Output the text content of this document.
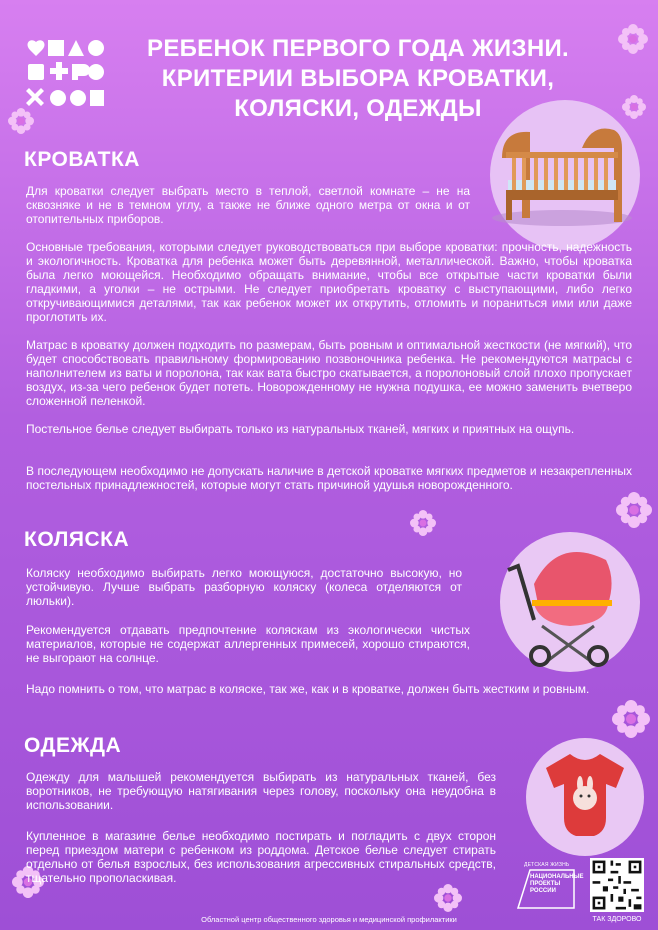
РЕБЕНОК ПЕРВОГО ГОДА ЖИЗНИ.
КРИТЕРИИ ВЫБОРА КРОВАТКИ,
КОЛЯСКИ, ОДЕЖДЫ
КРОВАТКА
Для кроватки следует выбрать место в теплой, светлой комнате – не на сквозняке и не в темном углу, а также не ближе одного метра от окна и от отопительных приборов.
Основные требования, которыми следует руководствоваться при выборе кроватки: прочность, надежность и экологичность. Кроватка для ребенка может быть деревянной, металлической. Важно, чтобы кроватка была легко моющейся. Необходимо обращать внимание, чтобы все открытые части кроватки были гладкими, а уголки – не острыми. Не следует приобретать кроватку с выступающими, либо легко откручивающимися деталями, так как ребенок может их открутить, отломить и пораниться ими или даже проглотить их.
Матрас в кроватку должен подходить по размерам, быть ровным и оптимальной жесткости (не мягкий), что будет способствовать правильному формированию позвоночника ребенка. Не рекомендуются матрасы с наполнителем из ваты и поролона, так как вата быстро скатывается, а поролоновый слой плохо пропускает воздух, из-за чего ребенок будет потеть. Новорожденному не нужна подушка, ее можно заменить вчетверо сложенной пеленкой.
Постельное белье следует выбирать только из натуральных тканей, мягких и приятных на ощупь.
В последующем необходимо не допускать наличие в детской кроватке мягких предметов и незакрепленных постельных принадлежностей, которые могут стать причиной удушья новорожденного.
КОЛЯСКА
Коляску необходимо выбирать легко моющуюся, достаточно высокую, но устойчивую. Лучше выбрать разборную коляску (колеса отделяются от люльки).
Рекомендуется отдавать предпочтение коляскам из экологически чистых материалов, которые не содержат аллергенных примесей, хорошо стираются, не выгорают на солнце.
Надо помнить о том, что матрас в коляске, так же, как и в кроватке, должен быть жестким и ровным.
ОДЕЖДА
Одежду для малышей рекомендуется выбирать из натуральных тканей, без воротников, не требующую натягивания через голову, поскольку она неудобна в использовании.
Купленное в магазине белье необходимо постирать и погладить с двух сторон перед приездом матери с ребенком из роддома. Детское белье следует стирать отдельно от белья взрослых, без использования агрессивных стиральных средств, тщательно прополаскивая.
ДЕТСКАЯ ЖИЗНЬ
НАЦИОНАЛЬНЫЕ
ПРОЕКТЫ
РОССИИ
ТАК ЗДОРОВО
Областной центр общественного здоровья и медицинской профилактики
